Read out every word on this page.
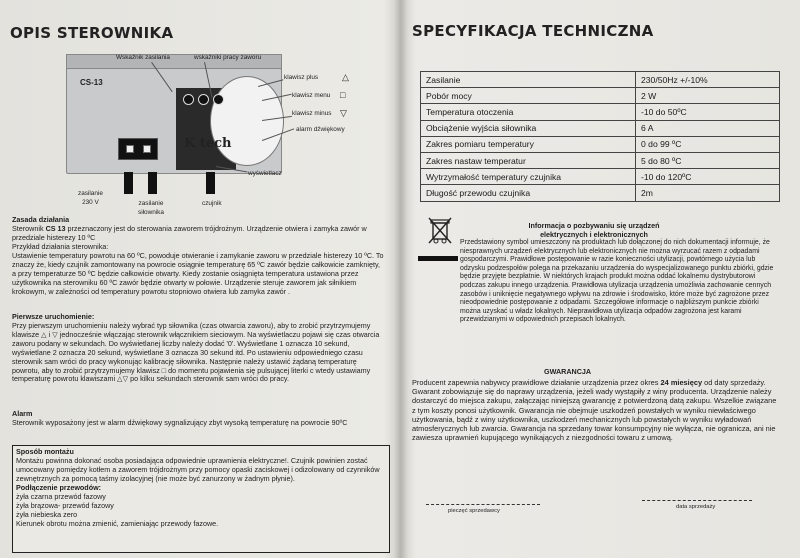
OPIS STEROWNIKA
CS-13
K tech
Wskaźnik zasilania	wskaźniki pracy zaworu
klawisz plus	△
klawisz menu □
klawisz minus ▽
alarm dźwiękowy
wyświetlacz
zasilanie
230 V	zasilanie
siłownika
czujnik
Zasada działania
Sterownik CS 13 przeznaczony jest do sterowania zaworem trójdrożnym. Urządzenie otwiera i zamyka zawór w przedziale histerezy 10 ºC
Przykład działania sterownika:
Ustawienie temperatury powrotu na 60 ºC, powoduje otwieranie i zamykanie zaworu w przedziale histerezy 10 ºC. To znaczy że, kiedy czujnik zamontowany na powrocie osiągnie temperaturę 65 ºC zawór będzie całkowicie zamknięty, a przy temperaturze 50 ºC będzie całkowicie otwarty. Kiedy zostanie osiągnięta temperatura ustawiona przez użytkownika na sterowniku 60 ºC zawór będzie otwarty w połowie. Urządzenie steruje zaworem jak siłnikiem krokowym, w zależności od temperatury powrotu stopniowo otwiera lub zamyka zawór .
Pierwsze uruchomienie:
Przy pierwszym uruchomieniu należy wybrać typ siłownika (czas otwarcia zaworu), aby to zrobić przytrzymujemy klawisze △ i ▽ jednocześnie włączając sterownik włącznikiem sieciowym. Na wyświetlaczu pojawi się czas otwarcia zaworu podany w sekundach. Do wyświetlanej liczby należy dodać '0'. Wyświetlane 1 oznacza 10 sekund, wyświetlane 2 oznacza 20 sekund, wyświetlane 3 oznacza 30 sekund itd. Po ustawieniu odpowiedniego czasu sterownik sam wróci do pracy wykonując kalibrację siłownika. Następnie należy ustawić żądaną temperaturę powrotu, aby to zrobić przytrzymujemy klawisz □ do momentu pojawienia się pulsującej literki c wtedy ustawiamy temperaturę powrotu klawiszami △▽ po kilku sekundach sterownik sam wróci do pracy.
Alarm
Sterownik wyposażony jest w alarm dźwiękowy sygnalizujący zbyt wysoką temperaturę na powrocie 90ºC
Sposób montażu
Montażu powinna dokonać osoba posiadająca odpowiednie uprawnienia elektryczne!. Czujnik powinien zostać umocowany pomiędzy kotłem a zaworem trójdrożnym przy pomocy opaski zaciskowej i odizolowany od czynników zewnętrznych za pomocą taśmy izolacyjnej (nie może być zanurzony w żadnym płynie).
Podłączenie przewodów:
żyła czarna przewód fazowy
żyła brązowa- przewód fazowy
żyła niebieska zero
Kierunek obrotu można zmienić, zamieniając przewody fazowe.
SPECYFIKACJA TECHNICZNA
Zasilanie	230/50Hz +/-10%
Pobór mocy	2 W
Temperatura otoczenia	-10 do 50ºC
Obciążenie wyjścia siłownika	6 A
Zakres pomiaru temperatury	0 do 99 ºC
Zakres nastaw temperatur	5 do 80 ºC
Wytrzymałość temperatury czujnika	-10 do 120ºC
Długość przewodu czujnika	2m
Informacja o pozbywaniu się urządzeń
elektrycznych i elektronicznych
Przedstawiony symbol umieszczony na produktach lub dołączonej do nich dokumentacji informuje, że niesprawnych urządzeń elektrycznych lub elektronicznych nie można wyrzucać razem z odpadami gospodarczymi. Prawidłowe postępowanie w razie konieczności utylizacji, powtórnego użycia lub odzysku podzespołów polega na przekazaniu urządzenia do wyspecjalizowanego punktu zbiórki, gdzie będzie przyjęte bezpłatnie. W niektórych krajach produkt można oddać lokalnemu dystrybutorowi podczas zakupu innego urządzenia. Prawidłowa utylizacja urządzenia umożliwia zachowanie cennych zasobów i uniknięcie negatywnego wpływu na zdrowie i środowisko, które może być zagrożone przez nieodpowiednie postępowanie z odpadami. Szczegółowe informacje o najbliższym punkcie zbiórki można uzyskać u władz lokalnych. Nieprawidłowa utylizacja odpadów zagrożona jest karami przewidzianymi w odpowiednich przepisach lokalnych.
GWARANCJA
Producent zapewnia nabywcy prawidłowe działanie urządzenia przez okres 24 miesięcy od daty sprzedaży. Gwarant zobowiązuje się do naprawy urządzenia, jeżeli wady wystąpiły z winy producenta. Urządzenie należy dostarczyć do miejsca zakupu, załączając niniejszą gwarancję z potwierdzoną datą zakupu. Wszelkie związane z tym koszty ponosi użytkownik. Gwarancja nie obejmuje uszkodzeń powstałych w wyniku niewłaściwego użytkowania, bądź z winy użytkownika, uszkodzeń mechanicznych lub powstałych w wyniku wyładowań atmosferycznych lub zwarcia. Gwarancja na sprzedany towar konsumpcyjny nie wyłącza, nie ogranicza, ani nie zawiesza uprawnień kupującego wynikających z niezgodności towaru z umową.
pieczęć sprzedawcy
data sprzedaży
